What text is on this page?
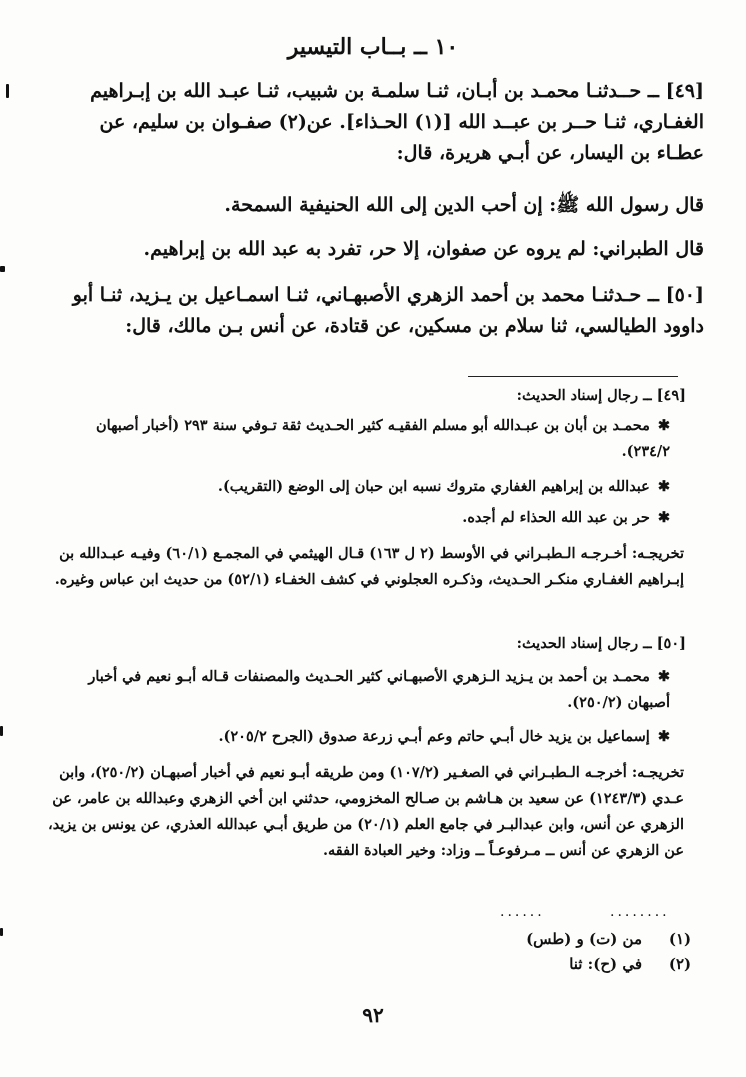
١٠ ــ بــاب التيسير
[٤٩] ــ حــدثنـا محمـد بن أبـان، ثنـا سلمـة بن شبيب، ثنـا عبـد الله بن إبـراهيم الغفـاري، ثنـا حــر بن عبــد الله [(١) الحـذاء]. عن(٢) صفـوان بن سليم، عن عطـاء بن اليسار، عن أبـي هريرة، قال:
قال رسول الله ﷺ: إن أحب الدين إلى الله الحنيفية السمحة.
قال الطبراني: لم يروه عن صفوان، إلا حر، تفرد به عبد الله بن إبراهيم.
[٥٠] ــ حـدثنـا محمد بن أحمد الزهري الأصبهـاني، ثنـا اسمـاعيل بن يـزيد، ثنـا أبو داوود الطيالسي، ثنا سلام بن مسكين، عن قتادة، عن أنس بـن مالك، قال:
[٤٩] ــ رجال إسناد الحديث:
✱محمـد بن أبان بن عبـدالله أبو مسلم الفقيـه كثير الحـديث ثقة تـوفي سنة ٢٩٣ (أخبار أصبهان ٢٣٤/٢).
✱عبدالله بن إبراهيم الغفاري متروك نسبه ابن حبان إلى الوضع (التقريب).
✱حر بن عبد الله الحذاء لم أجده.
تخريجـه: أخـرجـه الـطبـراني في الأوسط (٢ ل ١٦٣) قـال الهيثمي في المجمـع (٦٠/١) وفيـه عبـدالله بن إبـراهيم الغفـاري منكـر الحـديث، وذكـره العجلوني في كشف الخفـاء (٥٢/١) من حديث ابن عباس وغيره.
[٥٠] ــ رجال إسناد الحديث:
✱محمـد بن أحمد بن يـزيد الـزهري الأصبهـاني كثير الحـديث والمصنفات قـاله أبـو نعيم في أخبار أصبهان (٢٥٠/٢).
✱إسماعيل بن يزيد خال أبـي حاتم وعم أبـي زرعة صدوق (الجرح ٢٠٥/٢).
تخريجـه: أخرجـه الـطبـراني في الصغـير (١٠٧/٢) ومن طريقه أبـو نعيم في أخبار أصبهـان (٢٥٠/٢)، وابن عـدي (١٢٤٣/٣) عن سعيد بن هـاشم بن صـالح المخزومي، حدثني ابن أخي الزهري وعبدالله بن عامر، عن الزهري عن أنس، وابن عبدالبـر في جامع العلم (٢٠/١) من طريق أبـي عبدالله العذري، عن يونس بن يزيد، عن الزهري عن أنس ــ مـرفوعـاً ــ وزاد: وخير العبادة الفقه.
......	........
(١)من (ت) و (طس)
(٢)في (ح): ثنا
٩٢
